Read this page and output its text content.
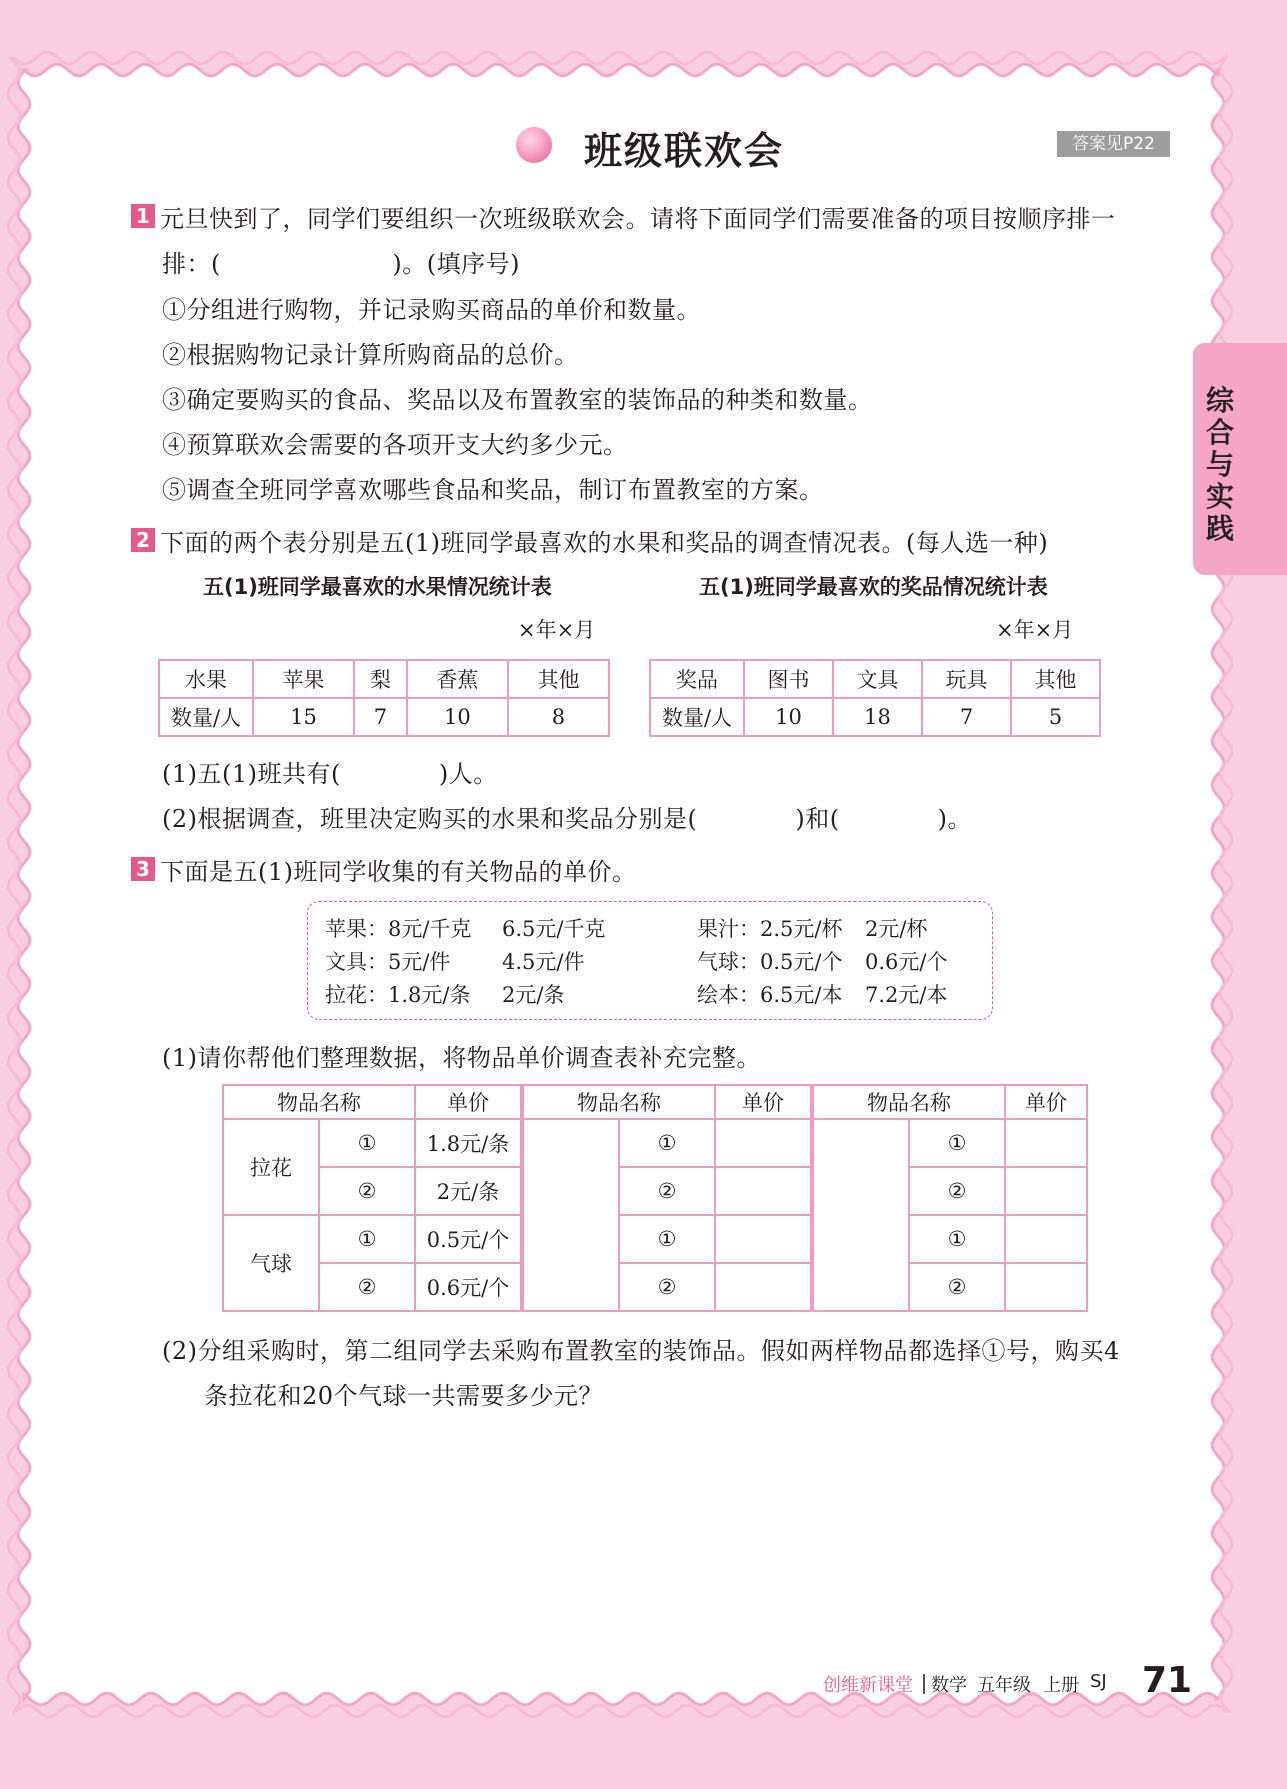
班级联欢会	答案见P22
综合与实践
1 元旦快到了，同学们要组织一次班级联欢会。请将下面同学们需要准备的项目按顺序排一
排：(　　　　　　　)。(填序号)
①分组进行购物，并记录购买商品的单价和数量。
②根据购物记录计算所购商品的总价。
③确定要购买的食品、奖品以及布置教室的装饰品的种类和数量。
④预算联欢会需要的各项开支大约多少元。
⑤调查全班同学喜欢哪些食品和奖品，制订布置教室的方案。
2 下面的两个表分别是五(1)班同学最喜欢的水果和奖品的调查情况表。(每人选一种)
五(1)班同学最喜欢的水果情况统计表
×年×月
水果	苹果	梨	香蕉	其他
数量/人	15	7	10	8
五(1)班同学最喜欢的奖品情况统计表
×年×月
奖品	图书	文具	玩具	其他
数量/人	10	18	7	5
(1)五(1)班共有(　　　　)人。
(2)根据调查，班里决定购买的水果和奖品分别是(　　　　)和(　　　　)。
3 下面是五(1)班同学收集的有关物品的单价。
苹果：8元/千克 6.5元/千克	果汁：2.5元/杯 2元/杯
文具：5元/件 4.5元/件	气球：0.5元/个 0.6元/个
拉花：1.8元/条 2元/条	绘本：6.5元/本 7.2元/本
(1)请你帮他们整理数据，将物品单价调查表补充完整。
物品名称		单价	物品名称		单价	物品名称		单价
拉花	①	1.8元/条		①			①	
	②	2元/条		②			②	
气球	①	0.5元/个		①			①	
	②	0.6元/个		②			②	
(2)分组采购时，第二组同学去采购布置教室的装饰品。假如两样物品都选择①号，购买4
条拉花和20个气球一共需要多少元？
创维新课堂 数学 五年级 上册 SJ 71
